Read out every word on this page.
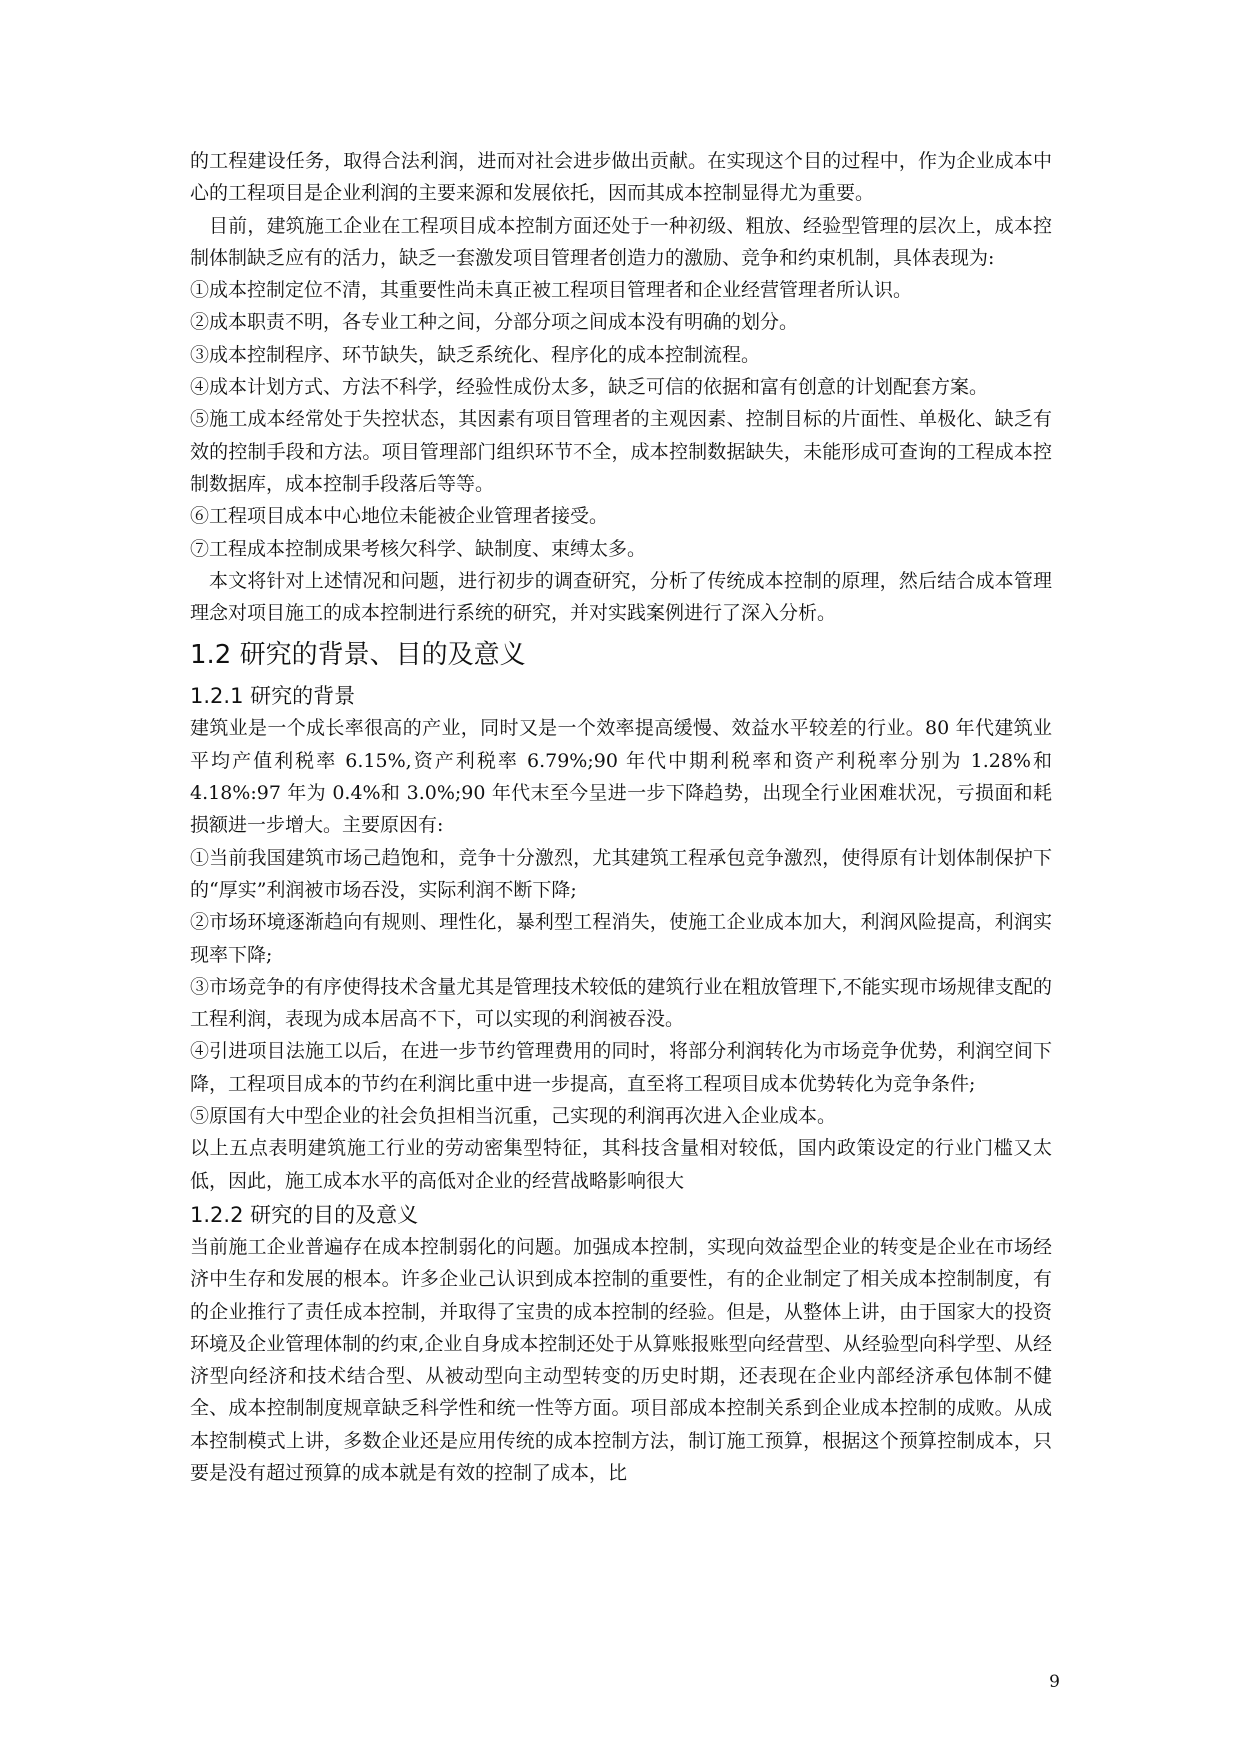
的工程建设任务，取得合法利润，进而对社会进步做出贡献。在实现这个目的过程中，作为企业成本中心的工程项目是企业利润的主要来源和发展依托，因而其成本控制显得尤为重要。

目前，建筑施工企业在工程项目成本控制方面还处于一种初级、粗放、经验型管理的层次上，成本控制体制缺乏应有的活力，缺乏一套激发项目管理者创造力的激励、竞争和约束机制，具体表现为:

①成本控制定位不清，其重要性尚未真正被工程项目管理者和企业经营管理者所认识。

②成本职责不明，各专业工种之间，分部分项之间成本没有明确的划分。

③成本控制程序、环节缺失，缺乏系统化、程序化的成本控制流程。

④成本计划方式、方法不科学，经验性成份太多，缺乏可信的依据和富有创意的计划配套方案。

⑤施工成本经常处于失控状态，其因素有项目管理者的主观因素、控制目标的片面性、单极化、缺乏有效的控制手段和方法。项目管理部门组织环节不全，成本控制数据缺失，未能形成可查询的工程成本控制数据库，成本控制手段落后等等。

⑥工程项目成本中心地位未能被企业管理者接受。

⑦工程成本控制成果考核欠科学、缺制度、束缚太多。

本文将针对上述情况和问题，进行初步的调查研究，分析了传统成本控制的原理，然后结合成本管理理念对项目施工的成本控制进行系统的研究，并对实践案例进行了深入分析。

1.2 研究的背景、目的及意义
1.2.1 研究的背景

建筑业是一个成长率很高的产业，同时又是一个效率提高缓慢、效益水平较差的行业。80 年代建筑业平均产值利税率 6.15%,资产利税率 6.79%;90 年代中期利税率和资产利税率分别为 1.28%和 4.18%:97 年为 0.4%和 3.0%;90 年代末至今呈进一步下降趋势，出现全行业困难状况，亏损面和耗损额进一步增大。主要原因有:

①当前我国建筑市场己趋饱和，竞争十分激烈，尤其建筑工程承包竞争激烈，使得原有计划体制保护下的“厚实”利润被市场吞没，实际利润不断下降;

②市场环境逐渐趋向有规则、理性化，暴利型工程消失，使施工企业成本加大，利润风险提高，利润实现率下降;

③市场竞争的有序使得技术含量尤其是管理技术较低的建筑行业在粗放管理下,不能实现市场规律支配的工程利润，表现为成本居高不下，可以实现的利润被吞没。

④引进项目法施工以后，在进一步节约管理费用的同时，将部分利润转化为市场竞争优势，利润空间下降，工程项目成本的节约在利润比重中进一步提高，直至将工程项目成本优势转化为竞争条件;

⑤原国有大中型企业的社会负担相当沉重，己实现的利润再次进入企业成本。

以上五点表明建筑施工行业的劳动密集型特征，其科技含量相对较低，国内政策设定的行业门槛又太低，因此，施工成本水平的高低对企业的经营战略影响很大

1.2.2 研究的目的及意义

当前施工企业普遍存在成本控制弱化的问题。加强成本控制，实现向效益型企业的转变是企业在市场经济中生存和发展的根本。许多企业己认识到成本控制的重要性，有的企业制定了相关成本控制制度，有的企业推行了责任成本控制，并取得了宝贵的成本控制的经验。但是，从整体上讲，由于国家大的投资环境及企业管理体制的约束,企业自身成本控制还处于从算账报账型向经营型、从经验型向科学型、从经济型向经济和技术结合型、从被动型向主动型转变的历史时期，还表现在企业内部经济承包体制不健全、成本控制制度规章缺乏科学性和统一性等方面。项目部成本控制关系到企业成本控制的成败。从成本控制模式上讲，多数企业还是应用传统的成本控制方法，制订施工预算，根据这个预算控制成本，只要是没有超过预算的成本就是有效的控制了成本，比

9
